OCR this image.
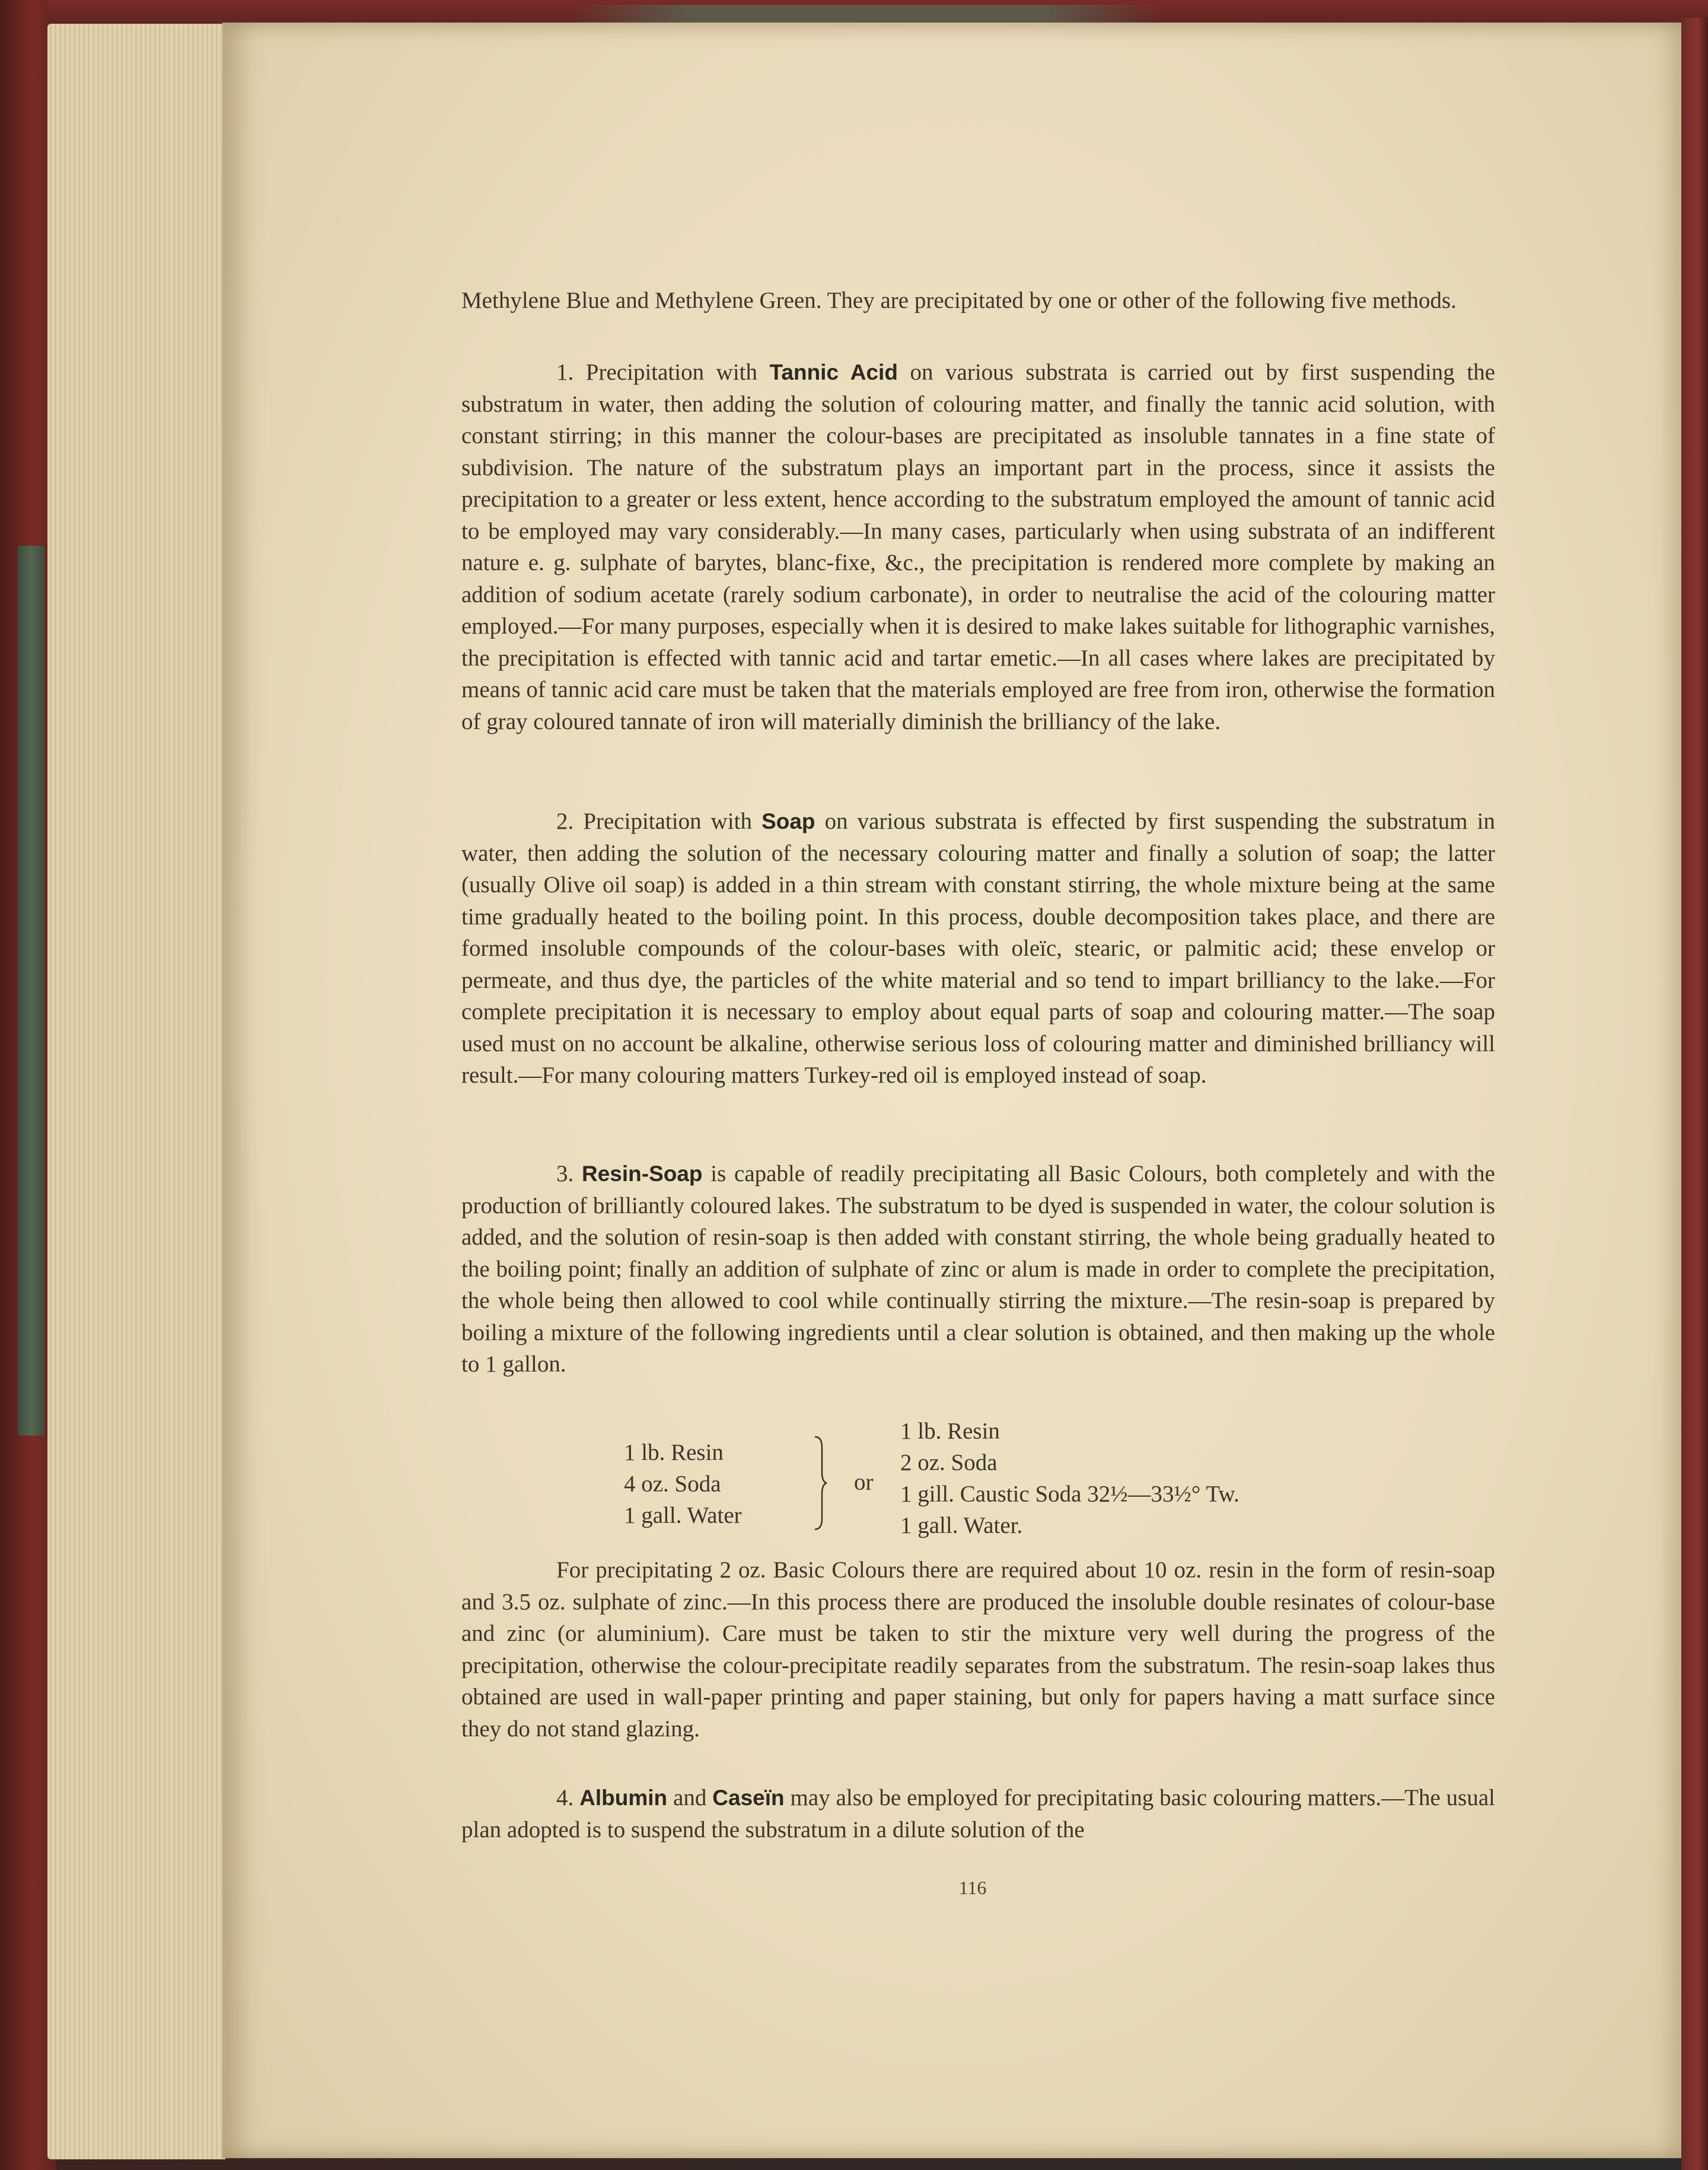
Methylene Blue and Methylene Green. They are precipitated by one or other of the following five methods.

1. Precipitation with Tannic Acid on various substrata is carried out by first suspending the substratum in water, then adding the solution of colouring matter, and finally the tannic acid solution, with constant stirring; in this manner the colour-bases are precipitated as insoluble tannates in a fine state of subdivision. The nature of the substratum plays an important part in the process, since it assists the precipitation to a greater or less extent, hence according to the substratum employed the amount of tannic acid to be employed may vary considerably.—In many cases, particularly when using substrata of an indifferent nature e. g. sulphate of barytes, blanc-fixe, &c., the precipitation is rendered more complete by making an addition of sodium acetate (rarely sodium carbonate), in order to neutralise the acid of the colouring matter employed.—For many purposes, especially when it is desired to make lakes suitable for lithographic varnishes, the precipitation is effected with tannic acid and tartar emetic.—In all cases where lakes are precipitated by means of tannic acid care must be taken that the materials employed are free from iron, otherwise the formation of gray coloured tannate of iron will materially diminish the brilliancy of the lake.

2. Precipitation with Soap on various substrata is effected by first suspending the substratum in water, then adding the solution of the necessary colouring matter and finally a solution of soap; the latter (usually Olive oil soap) is added in a thin stream with constant stirring, the whole mixture being at the same time gradually heated to the boiling point. In this process, double decomposition takes place, and there are formed insoluble compounds of the colour-bases with oleïc, stearic, or palmitic acid; these envelop or permeate, and thus dye, the particles of the white material and so tend to impart brilliancy to the lake.—For complete precipitation it is necessary to employ about equal parts of soap and colouring matter.—The soap used must on no account be alkaline, otherwise serious loss of colouring matter and diminished brilliancy will result.—For many colouring matters Turkey-red oil is employed instead of soap.

3. Resin-Soap is capable of readily precipitating all Basic Colours, both completely and with the production of brilliantly coloured lakes. The substratum to be dyed is suspended in water, the colour solution is added, and the solution of resin-soap is then added with constant stirring, the whole being gradually heated to the boiling point; finally an addition of sulphate of zinc or alum is made in order to complete the precipitation, the whole being then allowed to cool while continually stirring the mixture.—The resin-soap is prepared by boiling a mixture of the following ingredients until a clear solution is obtained, and then making up the whole to 1 gallon.

1 lb. Resin
4 oz. Soda
1 gall. Water
or
1 lb. Resin
2 oz. Soda
1 gill. Caustic Soda 32½—33½° Tw.
1 gall. Water.

For precipitating 2 oz. Basic Colours there are required about 10 oz. resin in the form of resin-soap and 3.5 oz. sulphate of zinc.—In this process there are produced the insoluble double resinates of colour-base and zinc (or aluminium). Care must be taken to stir the mixture very well during the progress of the precipitation, otherwise the colour-precipitate readily separates from the substratum. The resin-soap lakes thus obtained are used in wall-paper printing and paper staining, but only for papers having a matt surface since they do not stand glazing.

4. Albumin and Caseïn may also be employed for precipitating basic colouring matters.—The usual plan adopted is to suspend the substratum in a dilute solution of the

116
